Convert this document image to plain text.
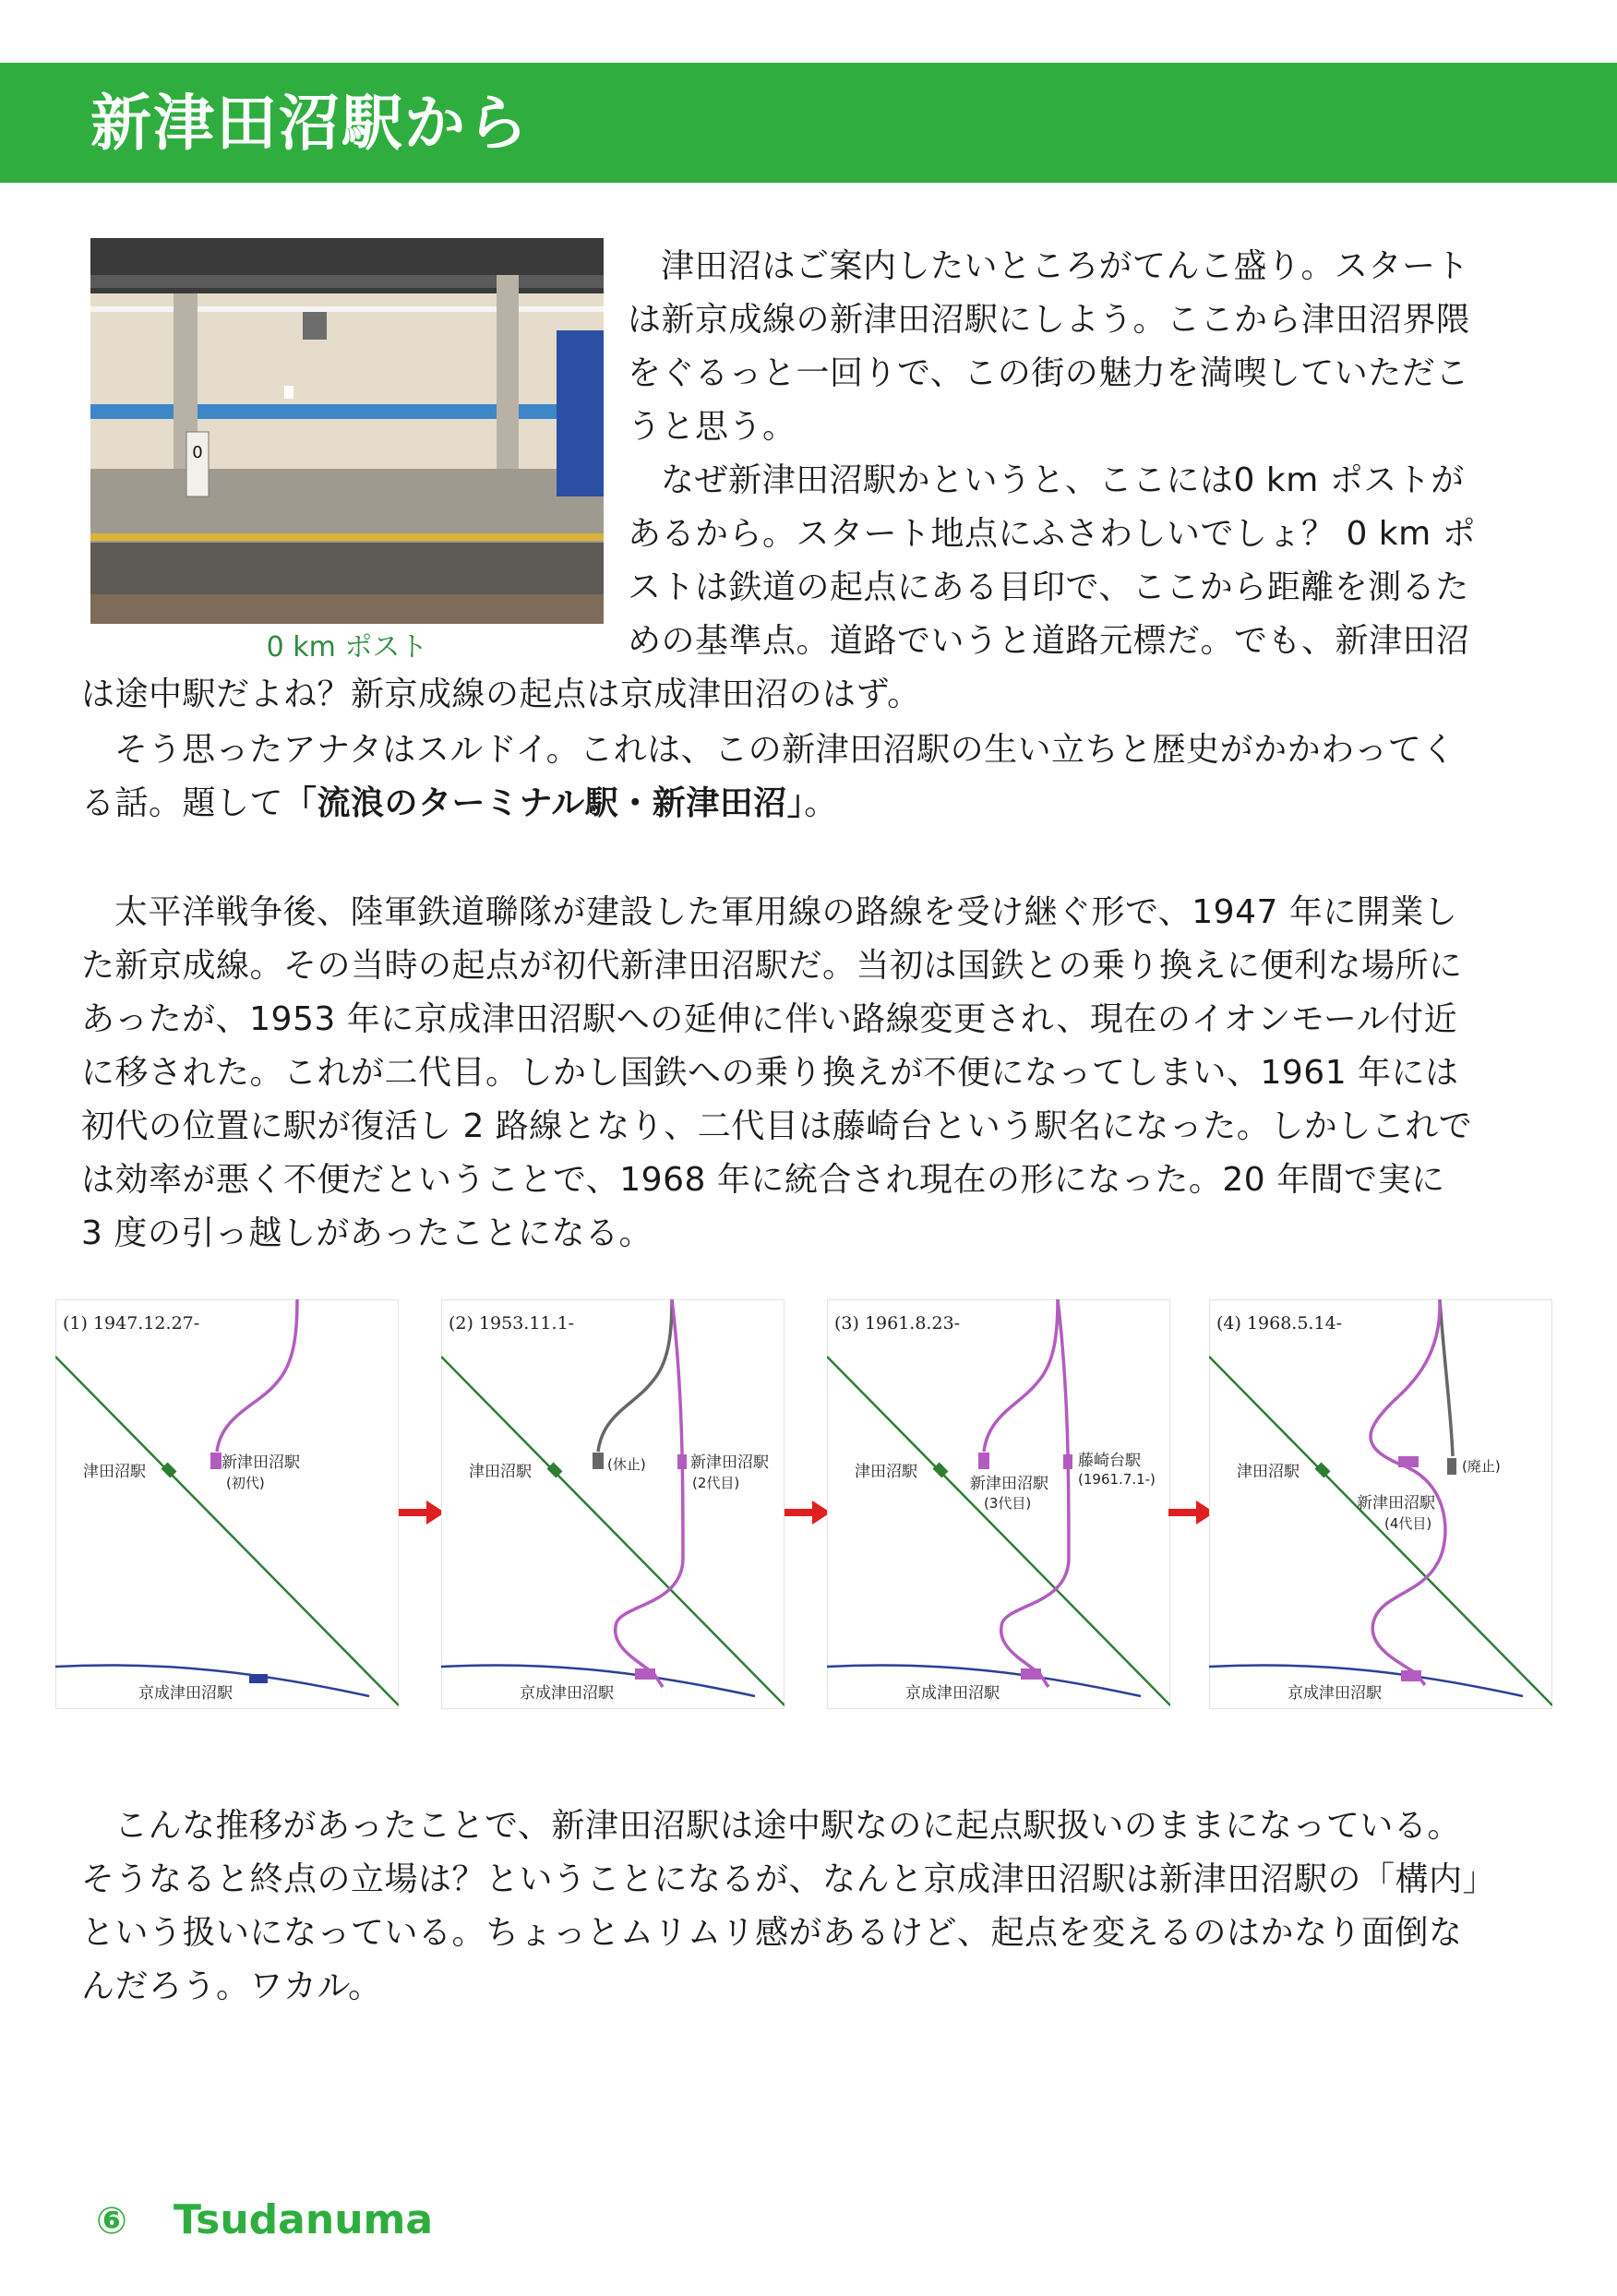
新津田沼駅から
0
0 km ポスト
津田沼はご案内したいところがてんこ盛り。スタート
は新京成線の新津田沼駅にしよう。ここから津田沼界隈
をぐるっと一回りで、この街の魅力を満喫していただこ
うと思う。
なぜ新津田沼駅かというと、ここには0 km ポストが
あるから。スタート地点にふさわしいでしょ？ 0 km ポ
ストは鉄道の起点にある目印で、ここから距離を測るた
めの基準点。道路でいうと道路元標だ。でも、新津田沼
は途中駅だよね？新京成線の起点は京成津田沼のはず。
そう思ったアナタはスルドイ。これは、この新津田沼駅の生い立ちと歴史がかかわってく
る話。題して「流浪のターミナル駅・新津田沼」。
太平洋戦争後、陸軍鉄道聯隊が建設した軍用線の路線を受け継ぐ形で、1947 年に開業し
た新京成線。その当時の起点が初代新津田沼駅だ。当初は国鉄との乗り換えに便利な場所に
あったが、1953 年に京成津田沼駅への延伸に伴い路線変更され、現在のイオンモール付近
に移された。これが二代目。しかし国鉄への乗り換えが不便になってしまい、1961 年には
初代の位置に駅が復活し 2 路線となり、二代目は藤崎台という駅名になった。しかしこれで
は効率が悪く不便だということで、1968 年に統合され現在の形になった。20 年間で実に
3 度の引っ越しがあったことになる。
(1) 1947.12.27-
津田沼駅
京成津田沼駅
新津田沼駅
(初代)
(2) 1953.11.1-
津田沼駅
京成津田沼駅
(休止)	新津田沼駅
(2代目)
(3) 1961.8.23-
津田沼駅
京成津田沼駅
新津田沼駅
(3代目)
藤崎台駅
(1961.7.1-)
(4) 1968.5.14-
津田沼駅
京成津田沼駅
(廃止)
新津田沼駅
(4代目)
こんな推移があったことで、新津田沼駅は途中駅なのに起点駅扱いのままになっている。
そうなると終点の立場は？ということになるが、なんと京成津田沼駅は新津田沼駅の「構内」
という扱いになっている。ちょっとムリムリ感があるけど、起点を変えるのはかなり面倒な
んだろう。ワカル。
⑥ Tsudanuma
